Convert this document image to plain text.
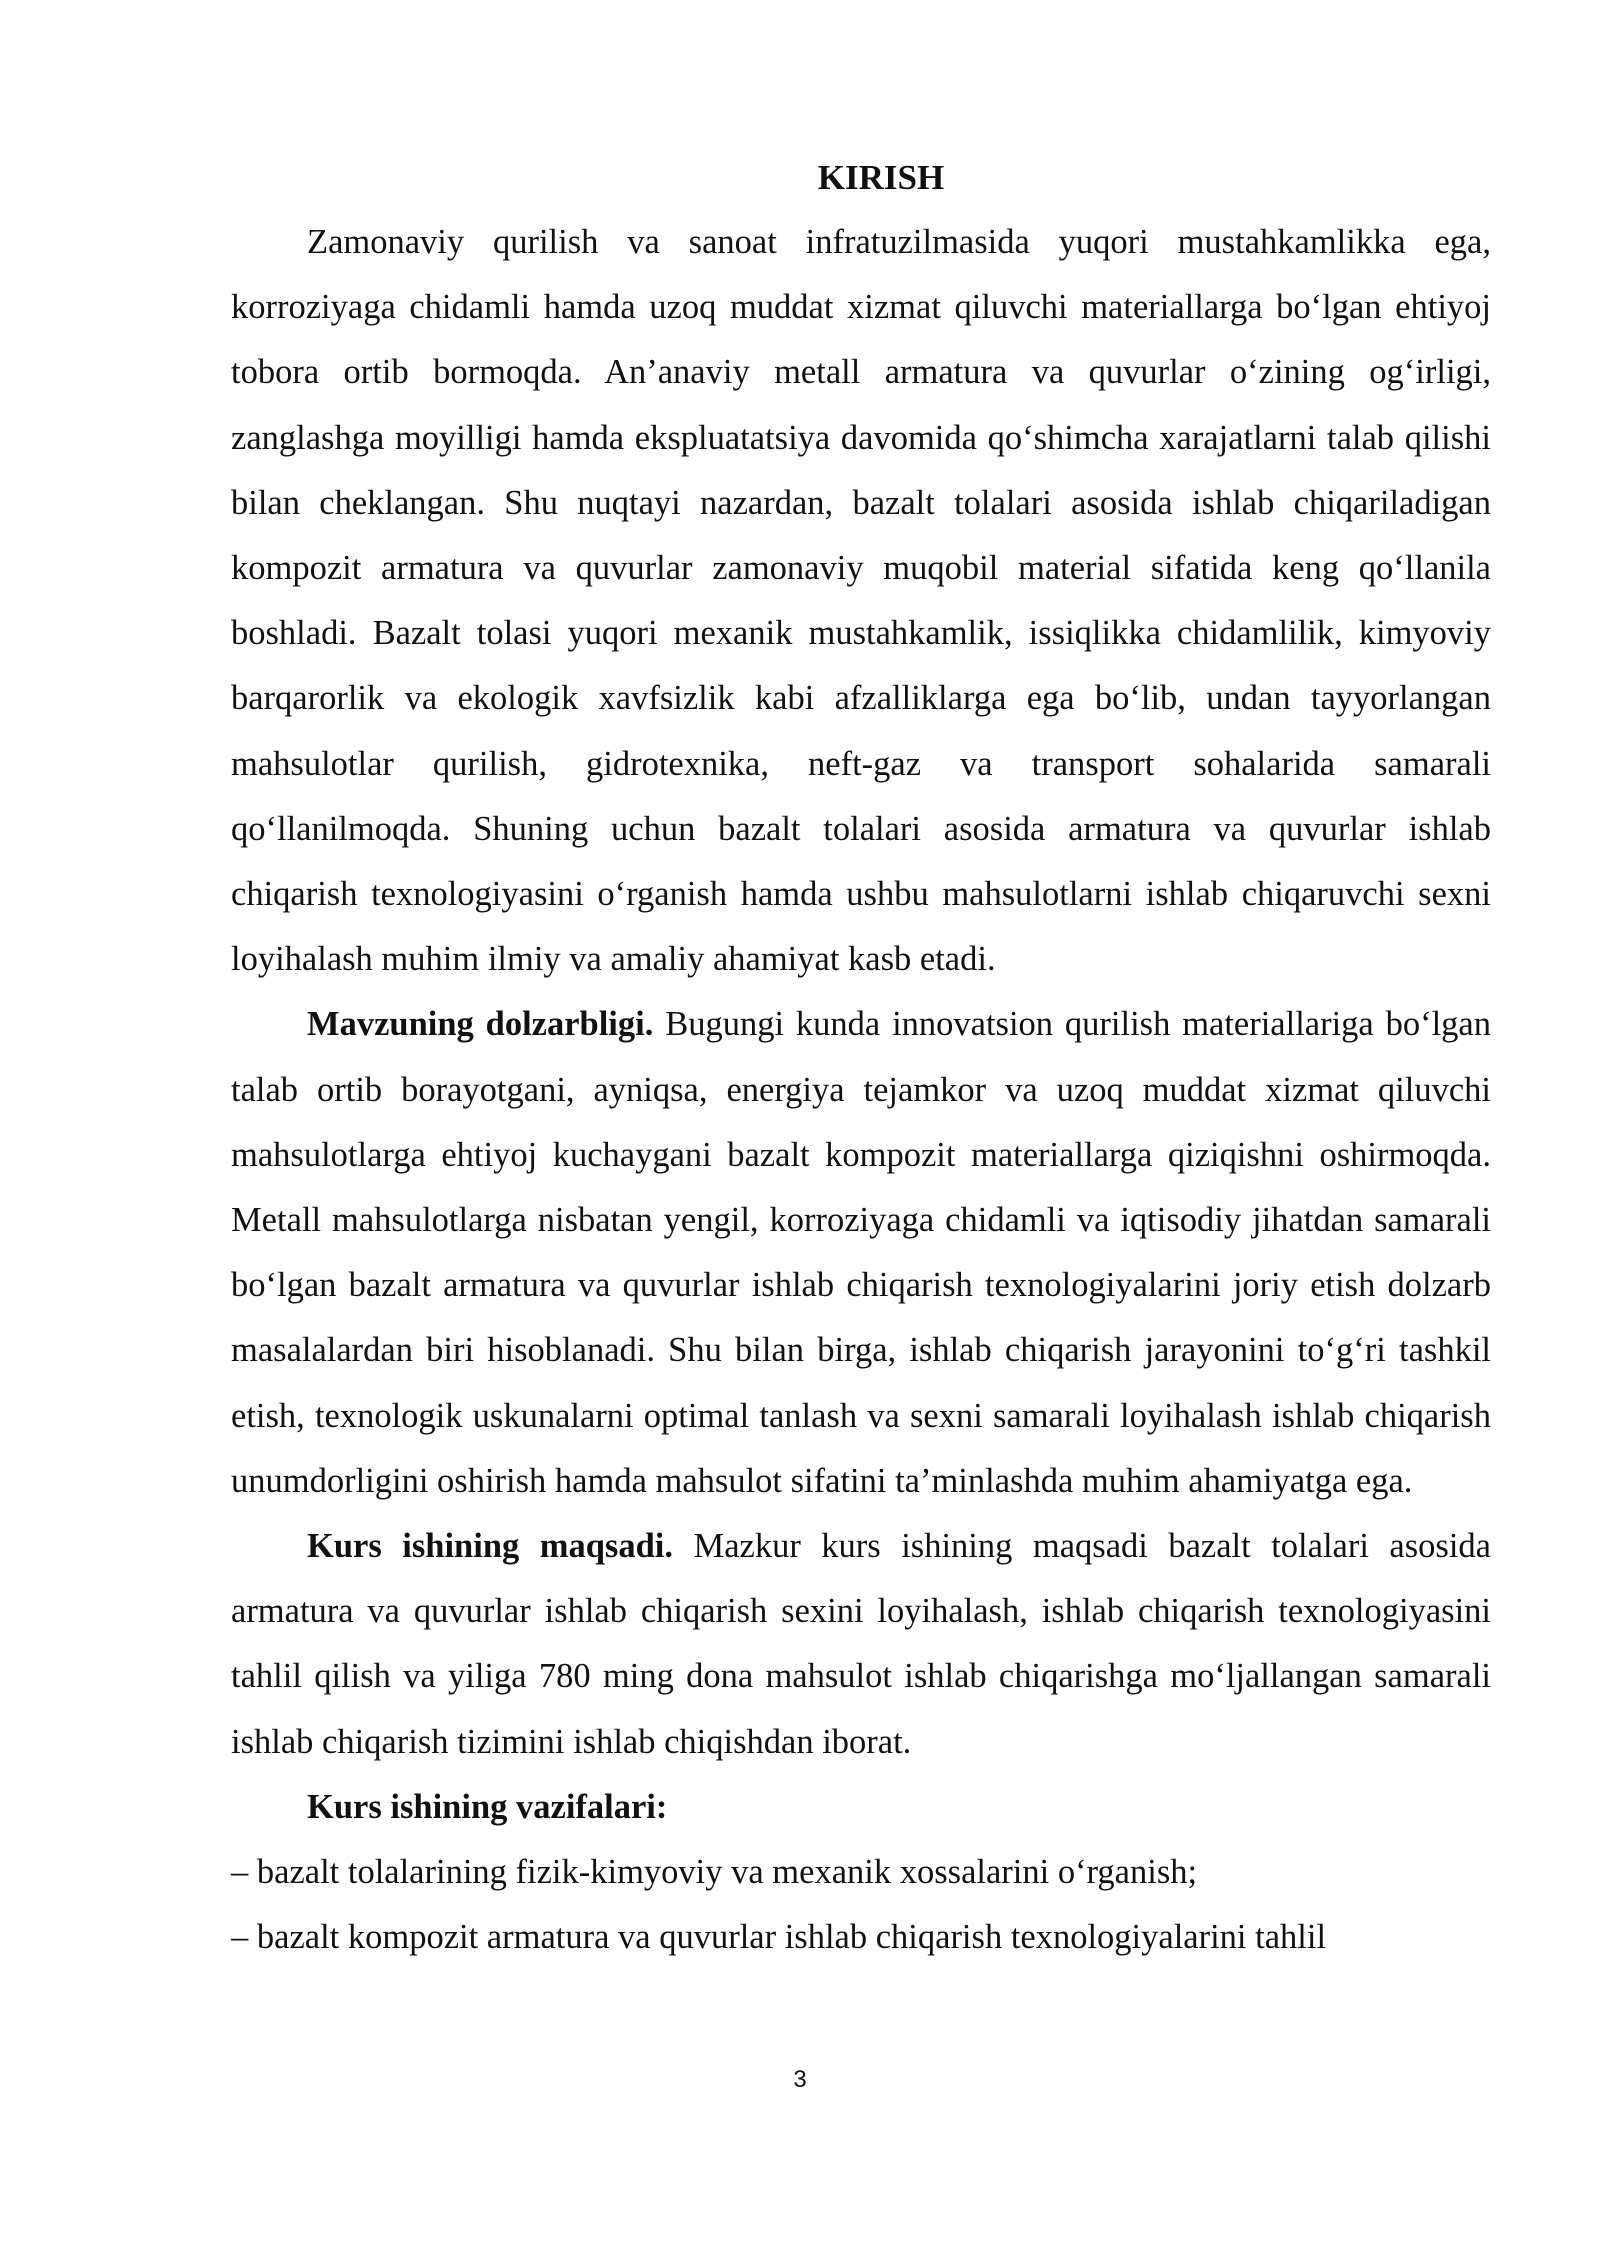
KIRISH

Zamonaviy qurilish va sanoat infratuzilmasida yuqori mustahkamlikka ega, korroziyaga chidamli hamda uzoq muddat xizmat qiluvchi materiallarga bo‘lgan ehtiyoj tobora ortib bormoqda. An’anaviy metall armatura va quvurlar o‘zining og‘irligi, zanglashga moyilligi hamda ekspluatatsiya davomida qo‘shimcha xarajatlarni talab qilishi bilan cheklangan. Shu nuqtayi nazardan, bazalt tolalari asosida ishlab chiqariladigan kompozit armatura va quvurlar zamonaviy muqobil material sifatida keng qo‘llanila boshladi. Bazalt tolasi yuqori mexanik mustahkamlik, issiqlikka chidamlilik, kimyoviy barqarorlik va ekologik xavfsizlik kabi afzalliklarga ega bo‘lib, undan tayyorlangan mahsulotlar qurilish, gidrotexnika, neft-gaz va transport sohalarida samarali qo‘llanilmoqda. Shuning uchun bazalt tolalari asosida armatura va quvurlar ishlab chiqarish texnologiyasini o‘rganish hamda ushbu mahsulotlarni ishlab chiqaruvchi sexni loyihalash muhim ilmiy va amaliy ahamiyat kasb etadi.

Mavzuning dolzarbligi. Bugungi kunda innovatsion qurilish materiallariga bo‘lgan talab ortib borayotgani, ayniqsa, energiya tejamkor va uzoq muddat xizmat qiluvchi mahsulotlarga ehtiyoj kuchaygani bazalt kompozit materiallarga qiziqishni oshirmoqda. Metall mahsulotlarga nisbatan yengil, korroziyaga chidamli va iqtisodiy jihatdan samarali bo‘lgan bazalt armatura va quvurlar ishlab chiqarish texnologiyalarini joriy etish dolzarb masalalardan biri hisoblanadi. Shu bilan birga, ishlab chiqarish jarayonini to‘g‘ri tashkil etish, texnologik uskunalarni optimal tanlash va sexni samarali loyihalash ishlab chiqarish unumdorligini oshirish hamda mahsulot sifatini ta’minlashda muhim ahamiyatga ega.

Kurs ishining maqsadi. Mazkur kurs ishining maqsadi bazalt tolalari asosida armatura va quvurlar ishlab chiqarish sexini loyihalash, ishlab chiqarish texnologiyasini tahlil qilish va yiliga 780 ming dona mahsulot ishlab chiqarishga mo‘ljallangan samarali ishlab chiqarish tizimini ishlab chiqishdan iborat.

Kurs ishining vazifalari:

– bazalt tolalarining fizik-kimyoviy va mexanik xossalarini o‘rganish;
– bazalt kompozit armatura va quvurlar ishlab chiqarish texnologiyalarini tahlil
3
